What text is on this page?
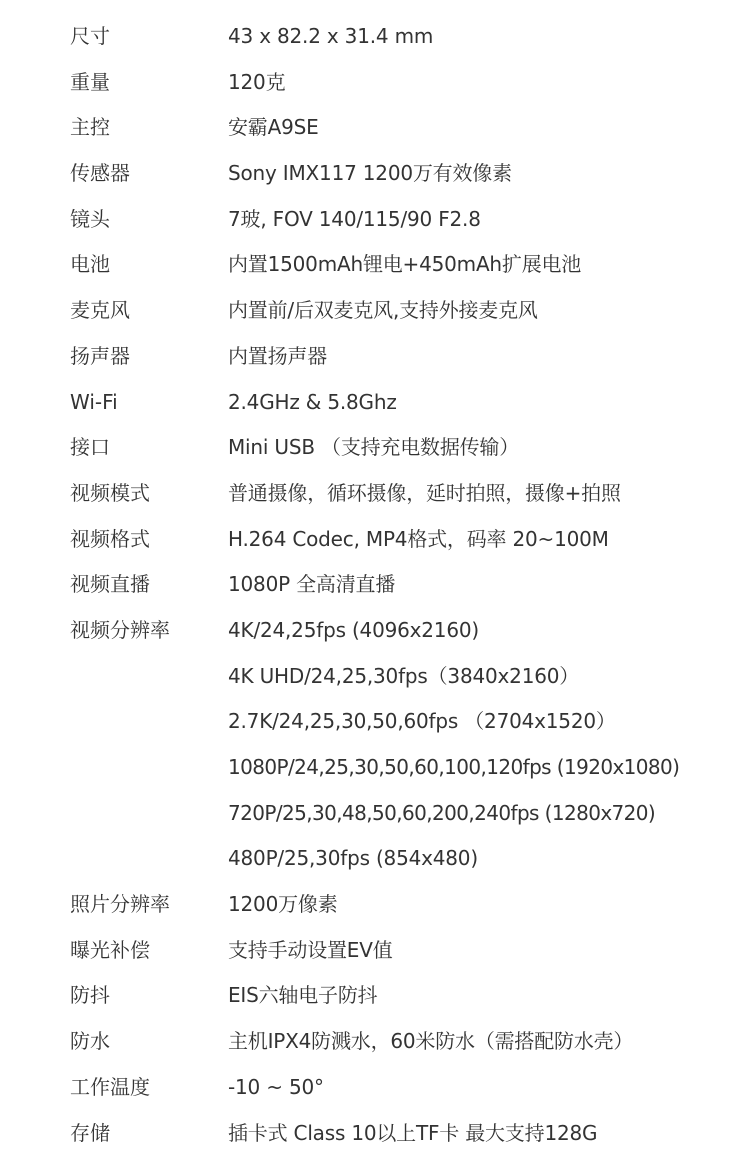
尺寸	43 x 82.2 x 31.4 mm
重量	120克
主控	安霸A9SE
传感器	Sony IMX117 1200万有效像素
镜头	7玻, FOV 140/115/90 F2.8
电池	内置1500mAh锂电+450mAh扩展电池
麦克风	内置前/后双麦克风,支持外接麦克风
扬声器	内置扬声器
Wi-Fi	2.4GHz & 5.8Ghz
接口	Mini USB （支持充电数据传输）
视频模式	普通摄像，循环摄像，延时拍照，摄像+拍照
视频格式	H.264 Codec, MP4格式，码率 20~100M
视频直播	1080P 全高清直播
视频分辨率	4K/24,25fps (4096x2160)
4K UHD/24,25,30fps（3840x2160）
2.7K/24,25,30,50,60fps （2704x1520）
1080P/24,25,30,50,60,100,120fps (1920x1080)
720P/25,30,48,50,60,200,240fps (1280x720)
480P/25,30fps (854x480)
照片分辨率	1200万像素
曝光补偿	支持手动设置EV值
防抖	EIS六轴电子防抖
防水	主机IPX4防溅水，60米防水（需搭配防水壳）
工作温度	-10 ~ 50°
存储	插卡式 Class 10以上TF卡 最大支持128G
